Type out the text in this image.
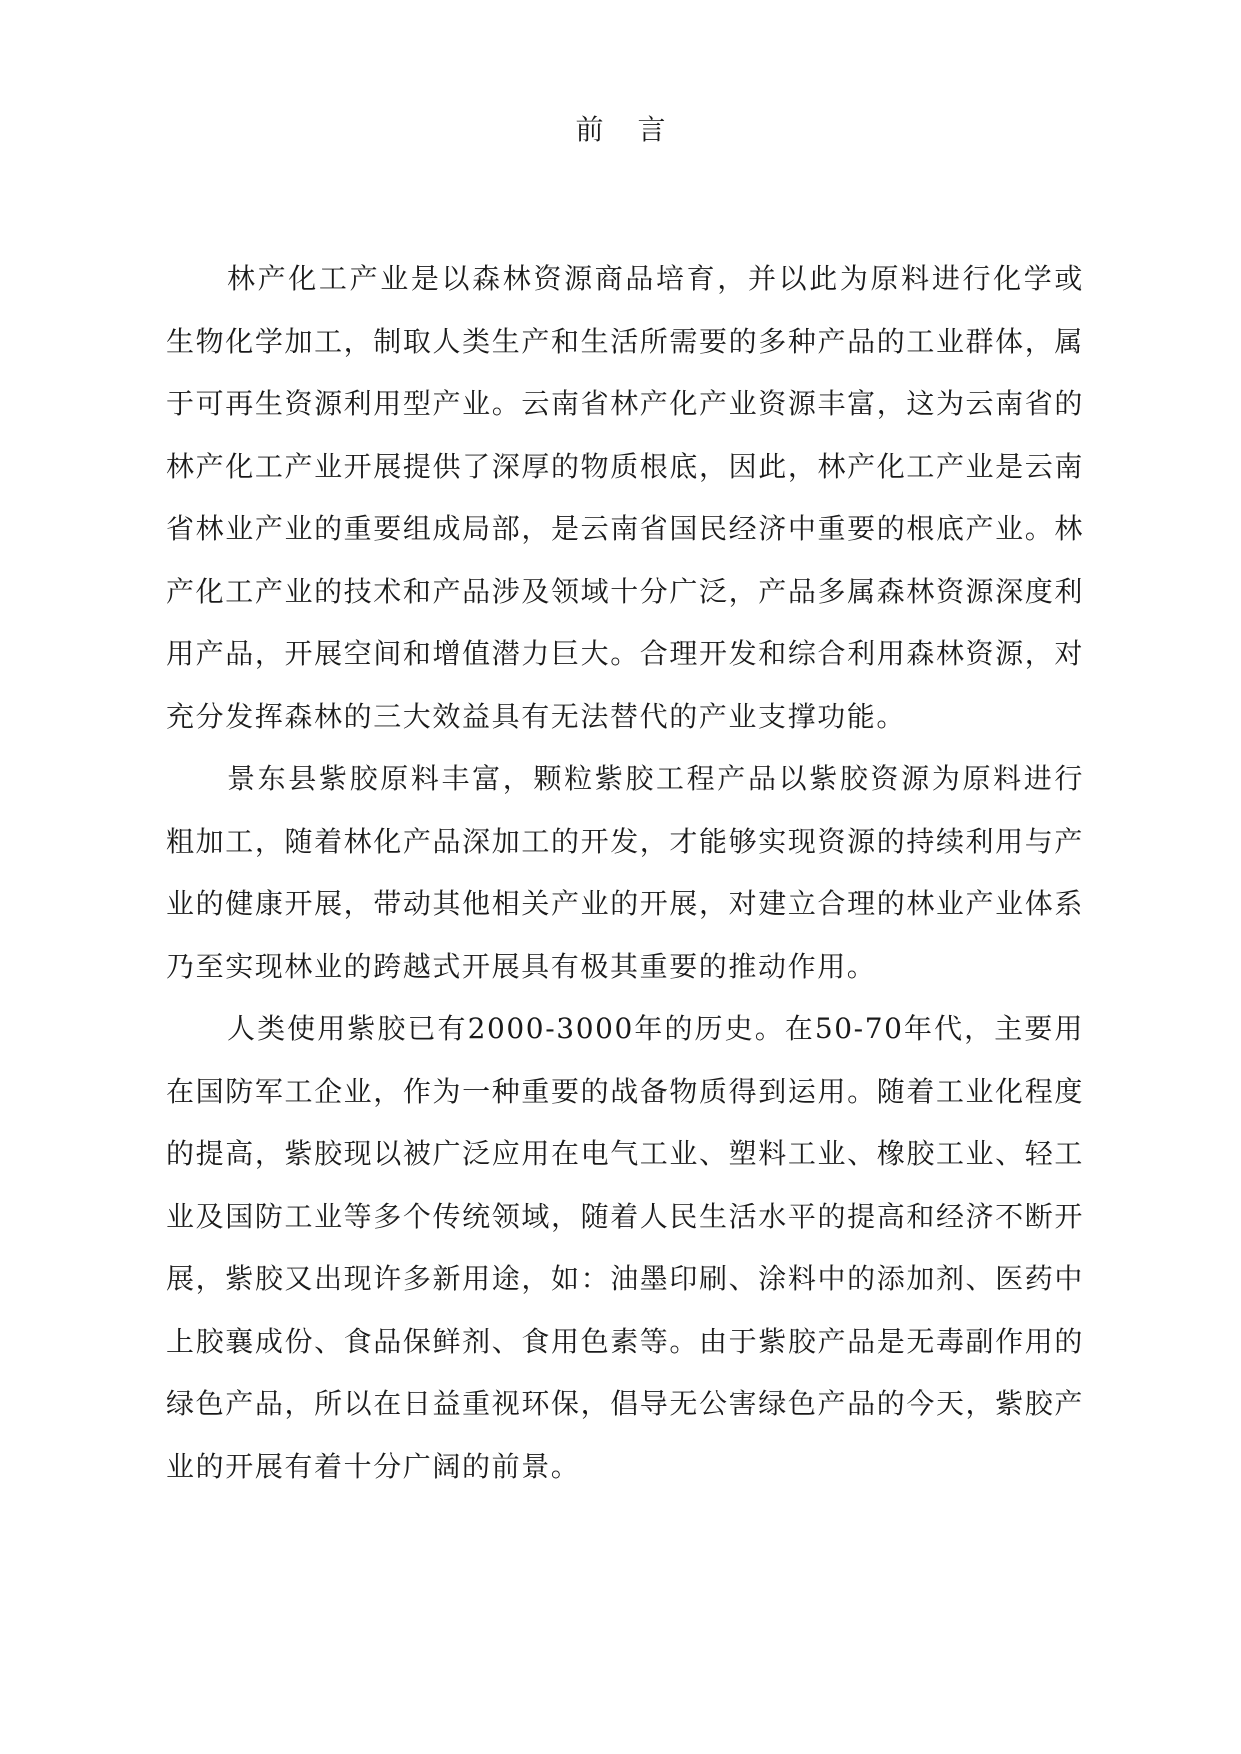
前言

林产化工产业是以森林资源商品培育，并以此为原料进行化学或生物化学加工，制取人类生产和生活所需要的多种产品的工业群体，属于可再生资源利用型产业。云南省林产化产业资源丰富，这为云南省的林产化工产业开展提供了深厚的物质根底，因此，林产化工产业是云南省林业产业的重要组成局部，是云南省国民经济中重要的根底产业。林产化工产业的技术和产品涉及领域十分广泛，产品多属森林资源深度利用产品，开展空间和增值潜力巨大。合理开发和综合利用森林资源，对充分发挥森林的三大效益具有无法替代的产业支撑功能。

景东县紫胶原料丰富，颗粒紫胶工程产品以紫胶资源为原料进行粗加工，随着林化产品深加工的开发，才能够实现资源的持续利用与产业的健康开展，带动其他相关产业的开展，对建立合理的林业产业体系乃至实现林业的跨越式开展具有极其重要的推动作用。

人类使用紫胶已有2000-3000年的历史。在50-70年代，主要用在国防军工企业，作为一种重要的战备物质得到运用。随着工业化程度的提高，紫胶现以被广泛应用在电气工业、塑料工业、橡胶工业、轻工业及国防工业等多个传统领域，随着人民生活水平的提高和经济不断开展，紫胶又出现许多新用途，如：油墨印刷、涂料中的添加剂、医药中上胶襄成份、食品保鲜剂、食用色素等。由于紫胶产品是无毒副作用的绿色产品，所以在日益重视环保，倡导无公害绿色产品的今天，紫胶产业的开展有着十分广阔的前景。
